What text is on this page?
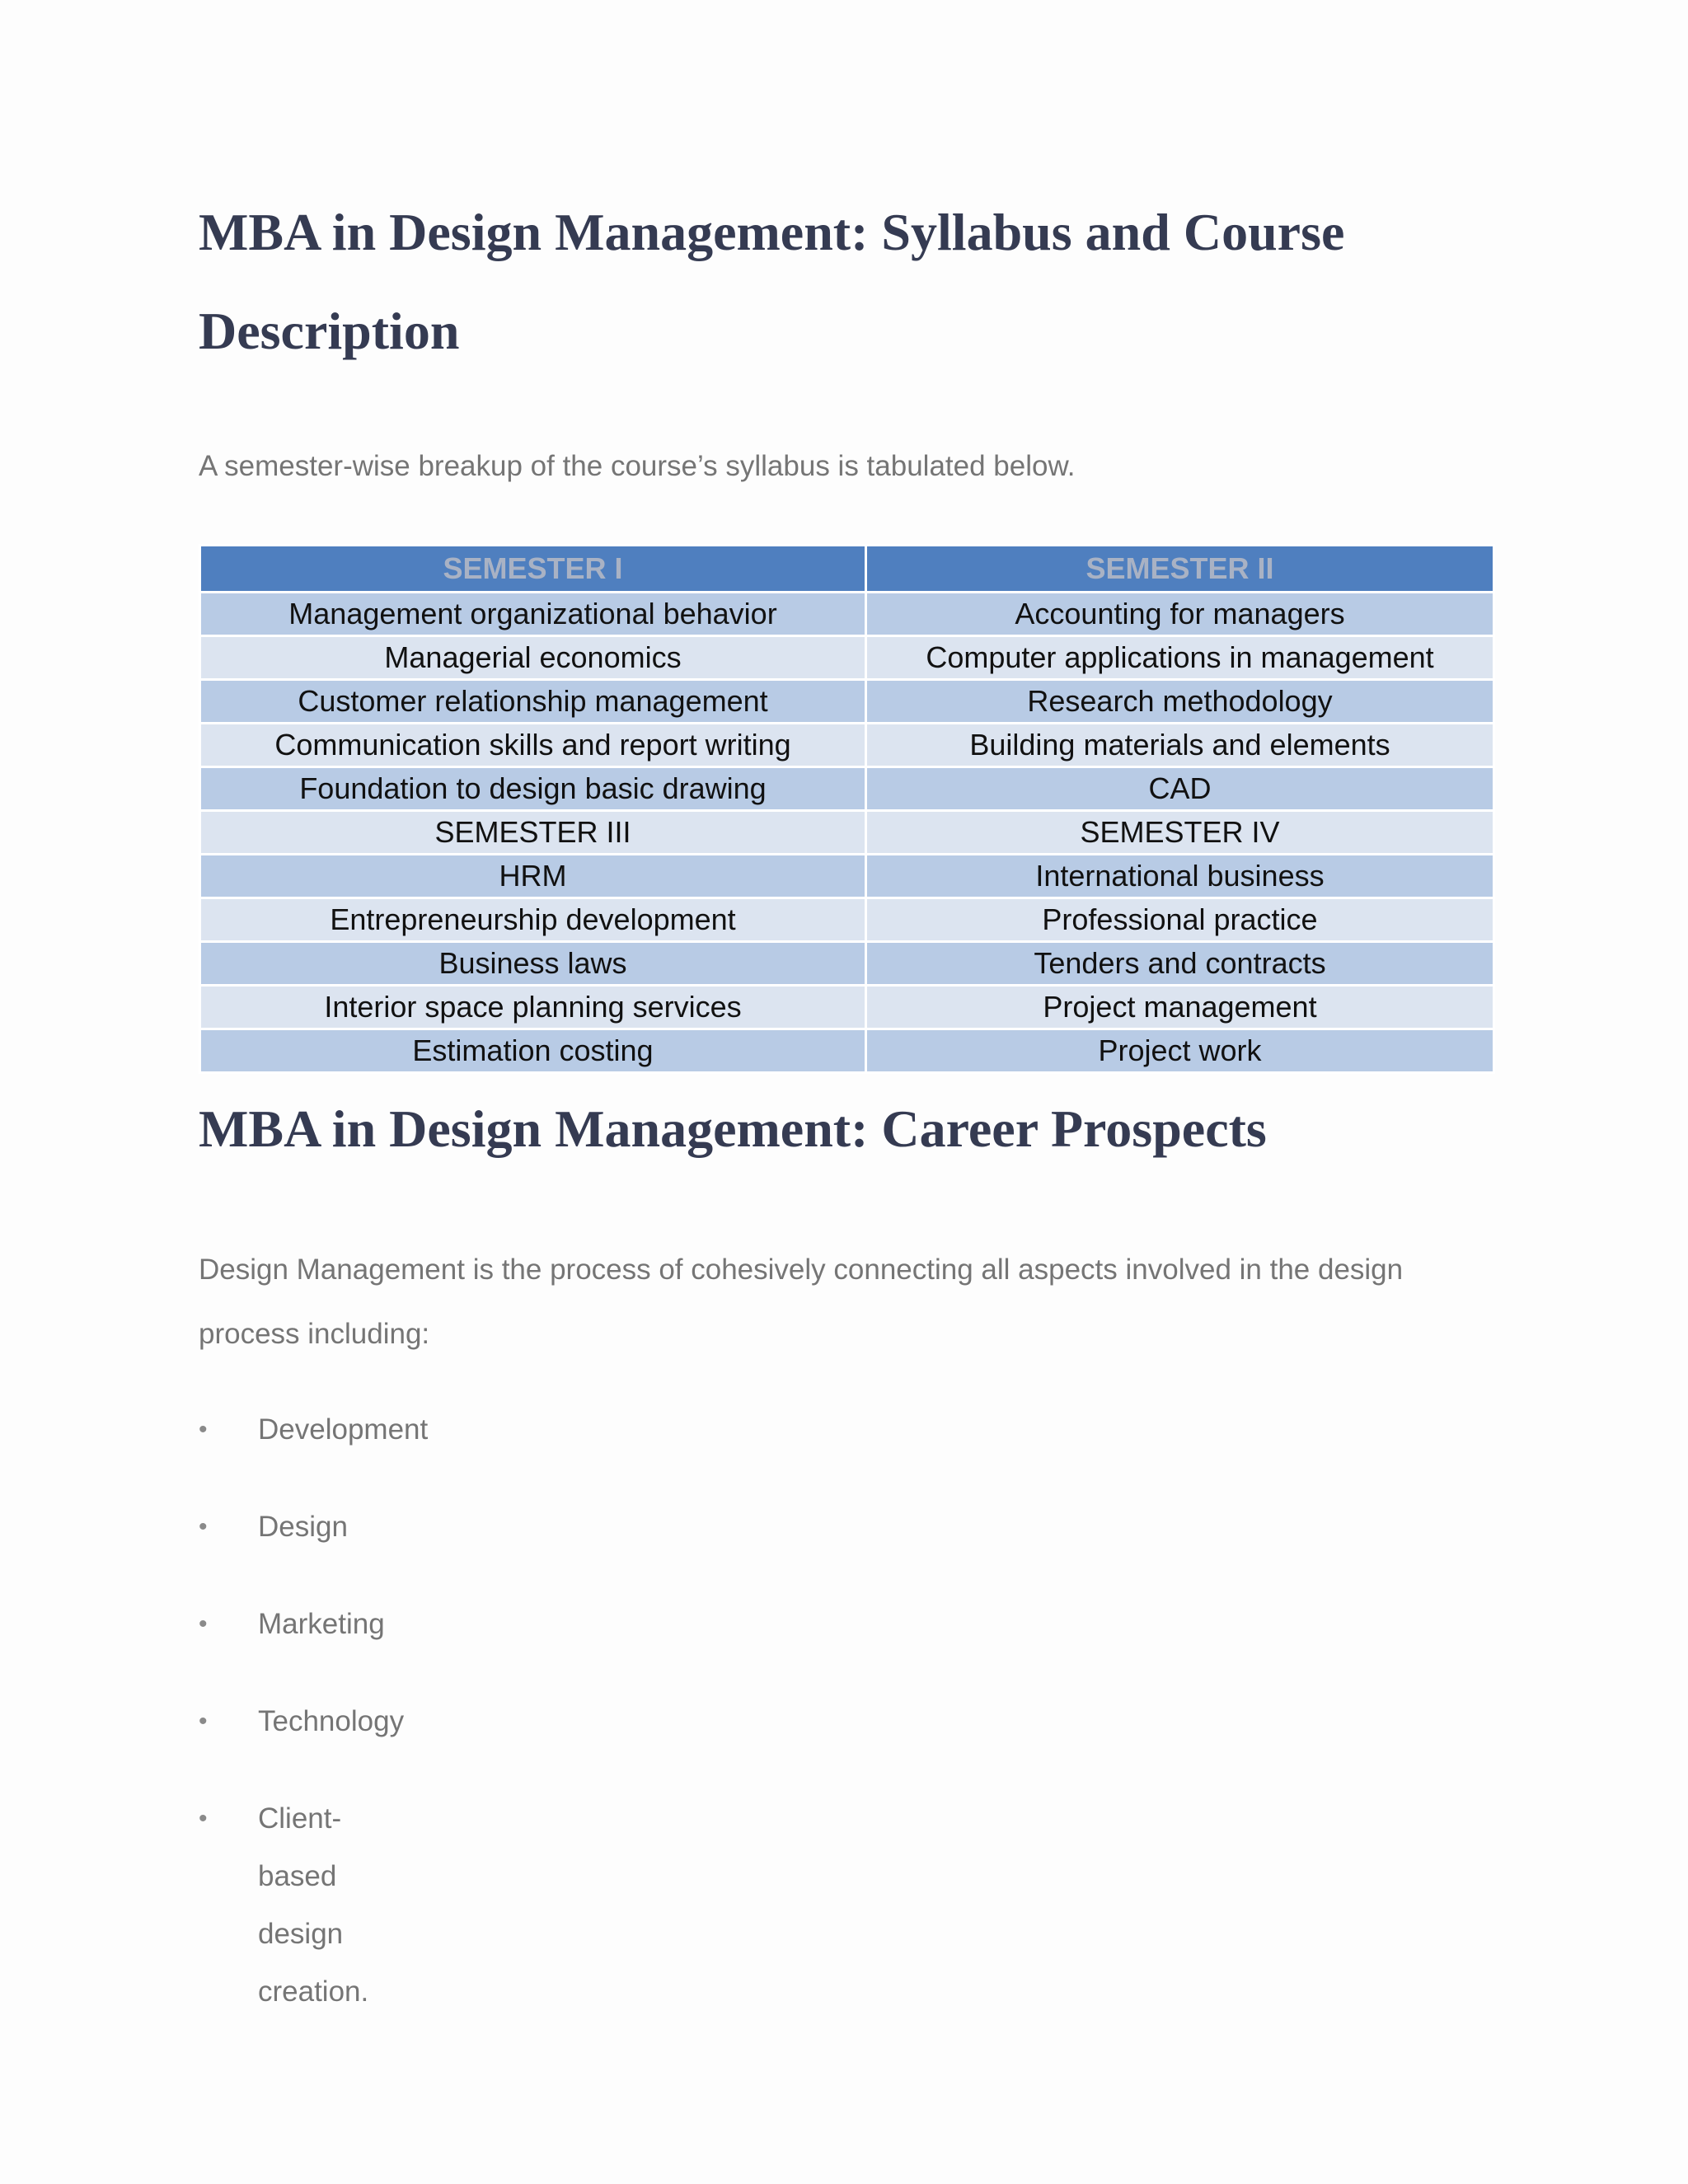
MBA in Design Management: Syllabus and Course Description

A semester-wise breakup of the course’s syllabus is tabulated below.

SEMESTER I	SEMESTER II
Management organizational behavior	Accounting for managers
Managerial economics	Computer applications in management
Customer relationship management	Research methodology
Communication skills and report writing	Building materials and elements
Foundation to design basic drawing	CAD
SEMESTER III	SEMESTER IV
HRM	International business
Entrepreneurship development	Professional practice
Business laws	Tenders and contracts
Interior space planning services	Project management
Estimation costing	Project work
MBA in Design Management: Career Prospects

Design Management is the process of cohesively connecting all aspects involved in the design process including:

• Development
• Design
• Marketing
• Technology
• Client-based design creation.
